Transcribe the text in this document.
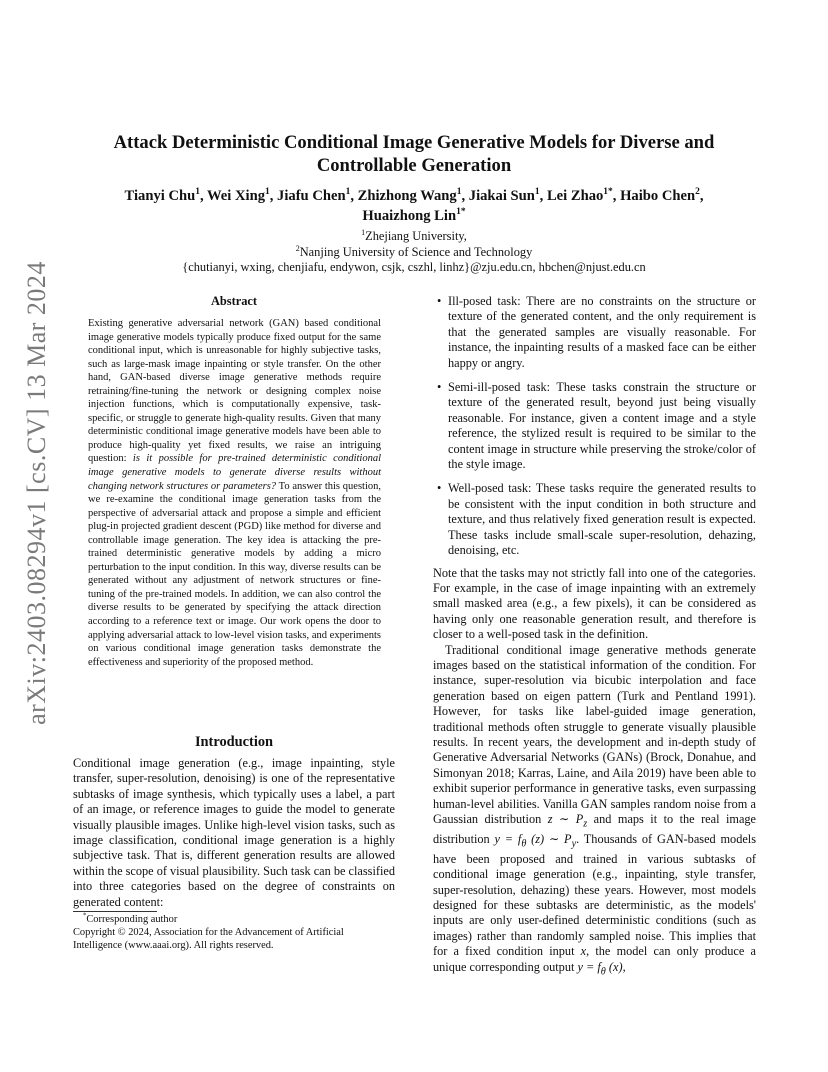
arXiv:2403.08294v1 [cs.CV] 13 Mar 2024
Attack Deterministic Conditional Image Generative Models for Diverse and Controllable Generation
Tianyi Chu$^1$, Wei Xing$^1$, Jiafu Chen$^1$, Zhizhong Wang$^1$, Jiakai Sun$^1$, Lei Zhao$^{1*}$, Haibo Chen$^2$,
Huaizhong Lin$^{1*}$
$^1$Zhejiang University,
$^2$Nanjing University of Science and Technology
{chutianyi, wxing, chenjiafu, endywon, csjk, cszhl, linhz}@zju.edu.cn, hbchen@njust.edu.cn
Abstract
Existing generative adversarial network (GAN) based conditional image generative models typically produce fixed output for the same conditional input, which is unreasonable for highly subjective tasks, such as large-mask image inpainting or style transfer. On the other hand, GAN-based diverse image generative methods require retraining/fine-tuning the network or designing complex noise injection functions, which is computationally expensive, task-specific, or struggle to generate high-quality results. Given that many deterministic conditional image generative models have been able to produce high-quality yet fixed results, we raise an intriguing question: is it possible for pre-trained deterministic conditional image generative models to generate diverse results without changing network structures or parameters? To answer this question, we re-examine the conditional image generation tasks from the perspective of adversarial attack and propose a simple and efficient plug-in projected gradient descent (PGD) like method for diverse and controllable image generation. The key idea is attacking the pre-trained deterministic generative models by adding a micro perturbation to the input condition. In this way, diverse results can be generated without any adjustment of network structures or fine-tuning of the pre-trained models. In addition, we can also control the diverse results to be generated by specifying the attack direction according to a reference text or image. Our work opens the door to applying adversarial attack to low-level vision tasks, and experiments on various conditional image generation tasks demonstrate the effectiveness and superiority of the proposed method.
Introduction
Conditional image generation (e.g., image inpainting, style transfer, super-resolution, denoising) is one of the representative subtasks of image synthesis, which typically uses a label, a part of an image, or reference images to guide the model to generate visually plausible images. Unlike high-level vision tasks, such as image classification, conditional image generation is a highly subjective task. That is, different generation results are allowed within the scope of visual plausibility. Such task can be classified into three categories based on the degree of constraints on generated content:

*Corresponding author

Copyright © 2024, Association for the Advancement of Artificial

Intelligence (www.aaai.org). All rights reserved.

• Ill-posed task: There are no constraints on the structure or texture of the generated content, and the only requirement is that the generated samples are visually reasonable. For instance, the inpainting results of a masked face can be either happy or angry.
• Semi-ill-posed task: These tasks constrain the structure or texture of the generated result, beyond just being visually reasonable. For instance, given a content image and a style reference, the stylized result is required to be similar to the content image in structure while preserving the stroke/color of the style image.
• Well-posed task: These tasks require the generated results to be consistent with the input condition in both structure and texture, and thus relatively fixed generation result is expected. These tasks include small-scale super-resolution, dehazing, denoising, etc.

Note that the tasks may not strictly fall into one of the categories. For example, in the case of image inpainting with an extremely small masked area (e.g., a few pixels), it can be considered as having only one reasonable generation result, and therefore is closer to a well-posed task in the definition.

Traditional conditional image generative methods generate images based on the statistical information of the condition. For instance, super-resolution via bicubic interpolation and face generation based on eigen pattern (Turk and Pentland 1991). However, for tasks like label-guided image generation, traditional methods often struggle to generate visually plausible results. In recent years, the development and in-depth study of Generative Adversarial Networks (GANs) (Brock, Donahue, and Simonyan 2018; Karras, Laine, and Aila 2019) have been able to exhibit superior performance in generative tasks, even surpassing human-level abilities. Vanilla GAN samples random noise from a Gaussian distribution z ∼ $P_z$ and maps it to the real image distribution $y = f_\theta$ (z) ∼ $P_y$. Thousands of GAN-based models have been proposed and trained in various subtasks of conditional image generation (e.g., inpainting, style transfer, super-resolution, dehazing) these years. However, most models designed for these subtasks are deterministic, as the models' inputs are only user-defined deterministic conditions (such as images) rather than randomly sampled noise. This implies that for a fixed condition input x, the model can only produce a unique corresponding output $y = f_\theta$ (x),
